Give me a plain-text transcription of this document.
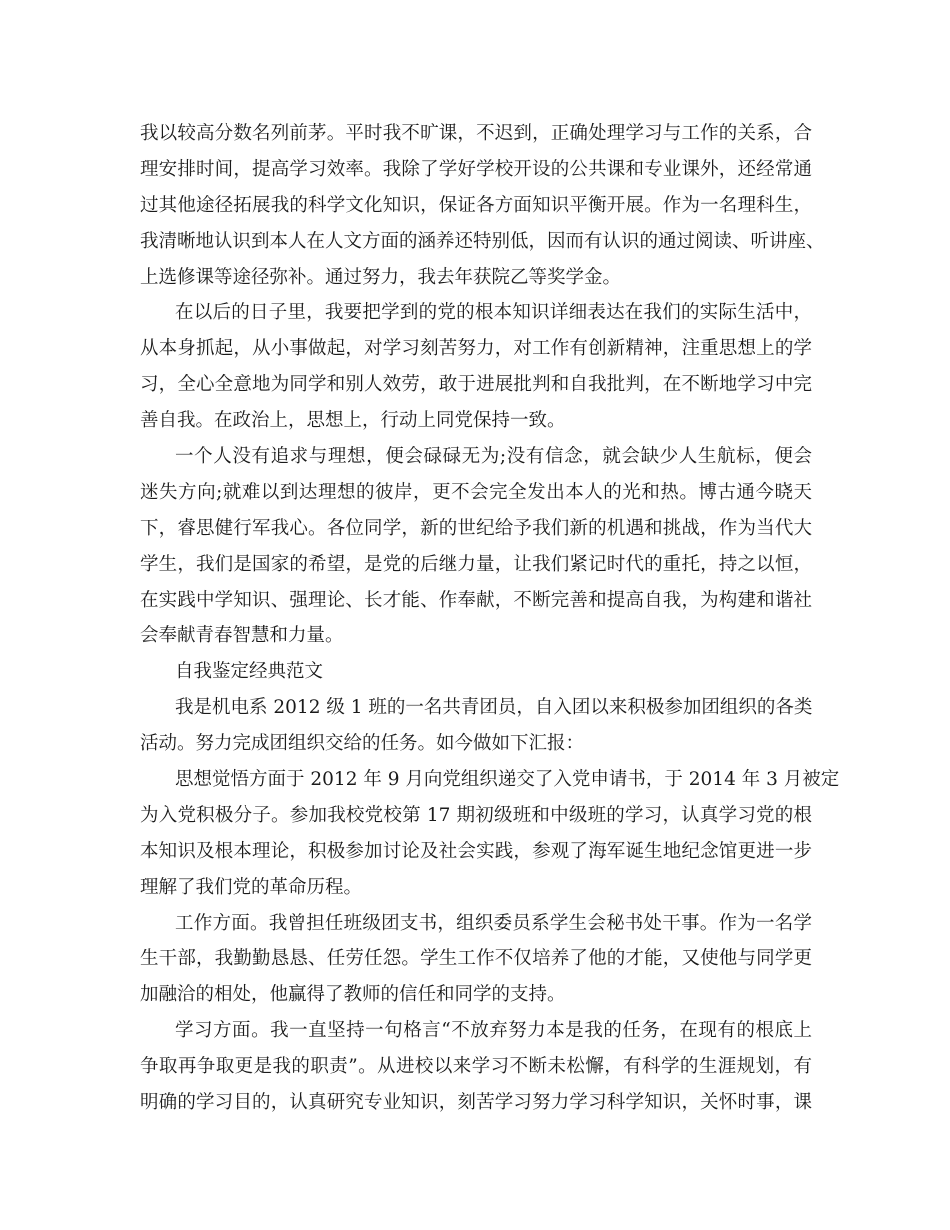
我以较高分数名列前茅。平时我不旷课，不迟到，正确处理学习与工作的关系，合
理安排时间，提高学习效率。我除了学好学校开设的公共课和专业课外，还经常通
过其他途径拓展我的科学文化知识，保证各方面知识平衡开展。作为一名理科生，
我清晰地认识到本人在人文方面的涵养还特别低，因而有认识的通过阅读、听讲座、
上选修课等途径弥补。通过努力，我去年获院乙等奖学金。
在以后的日子里，我要把学到的党的根本知识详细表达在我们的实际生活中，
从本身抓起，从小事做起，对学习刻苦努力，对工作有创新精神，注重思想上的学
习，全心全意地为同学和别人效劳，敢于进展批判和自我批判，在不断地学习中完
善自我。在政治上，思想上，行动上同党保持一致。
一个人没有追求与理想，便会碌碌无为;没有信念，就会缺少人生航标，便会
迷失方向;就难以到达理想的彼岸，更不会完全发出本人的光和热。博古通今晓天
下，睿思健行军我心。各位同学，新的世纪给予我们新的机遇和挑战，作为当代大
学生，我们是国家的希望，是党的后继力量，让我们紧记时代的重托，持之以恒，
在实践中学知识、强理论、长才能、作奉献，不断完善和提高自我，为构建和谐社
会奉献青春智慧和力量。
自我鉴定经典范文
我是机电系 2012 级 1 班的一名共青团员，自入团以来积极参加团组织的各类
活动。努力完成团组织交给的任务。如今做如下汇报：
思想觉悟方面于 2012 年 9 月向党组织递交了入党申请书，于 2014 年 3 月被定
为入党积极分子。参加我校党校第 17 期初级班和中级班的学习，认真学习党的根
本知识及根本理论，积极参加讨论及社会实践，参观了海军诞生地纪念馆更进一步
理解了我们党的革命历程。
工作方面。我曾担任班级团支书，组织委员系学生会秘书处干事。作为一名学
生干部，我勤勤恳恳、任劳任怨。学生工作不仅培养了他的才能，又使他与同学更
加融洽的相处，他赢得了教师的信任和同学的支持。
学习方面。我一直坚持一句格言“不放弃努力本是我的任务，在现有的根底上
争取再争取更是我的职责”。从进校以来学习不断未松懈，有科学的生涯规划，有
明确的学习目的，认真研究专业知识，刻苦学习努力学习科学知识，关怀时事，课
